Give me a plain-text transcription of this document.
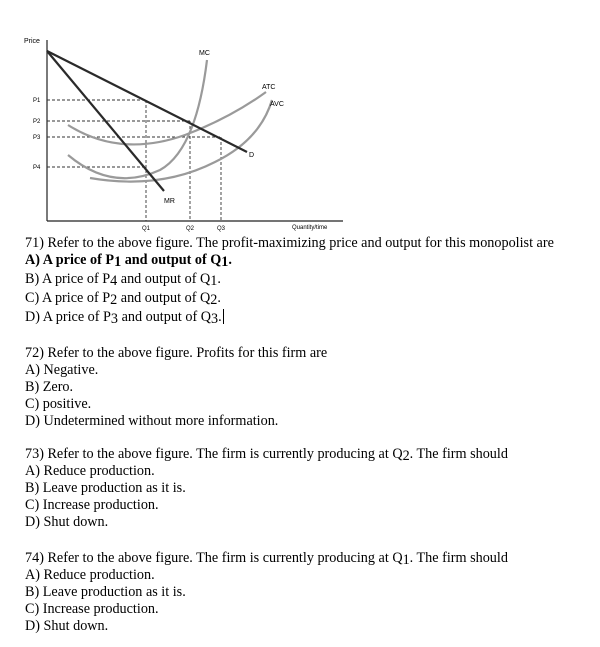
Price
Quantity/time
MC
ATC
AVC
D
MR
P1
P2
P3
P4
Q1	Q2	Q3

71) Refer to the above figure. The profit-maximizing price and output for this monopolist are

A) A price of $P_1$ and output of $Q_1$.

B) A price of $P_4$ and output of $Q_1$.

C) A price of $P_2$ and output of $Q_2$.

D) A price of $P_3$ and output of $Q_3$.

72) Refer to the above figure. Profits for this firm are

A) Negative.

B) Zero.

C) positive.

D) Undetermined without more information.

73) Refer to the above figure. The firm is currently producing at $Q_2$. The firm should

A) Reduce production.

B) Leave production as it is.

C) Increase production.

D) Shut down.

74) Refer to the above figure. The firm is currently producing at $Q_1$. The firm should

A) Reduce production.

B) Leave production as it is.

C) Increase production.

D) Shut down.
